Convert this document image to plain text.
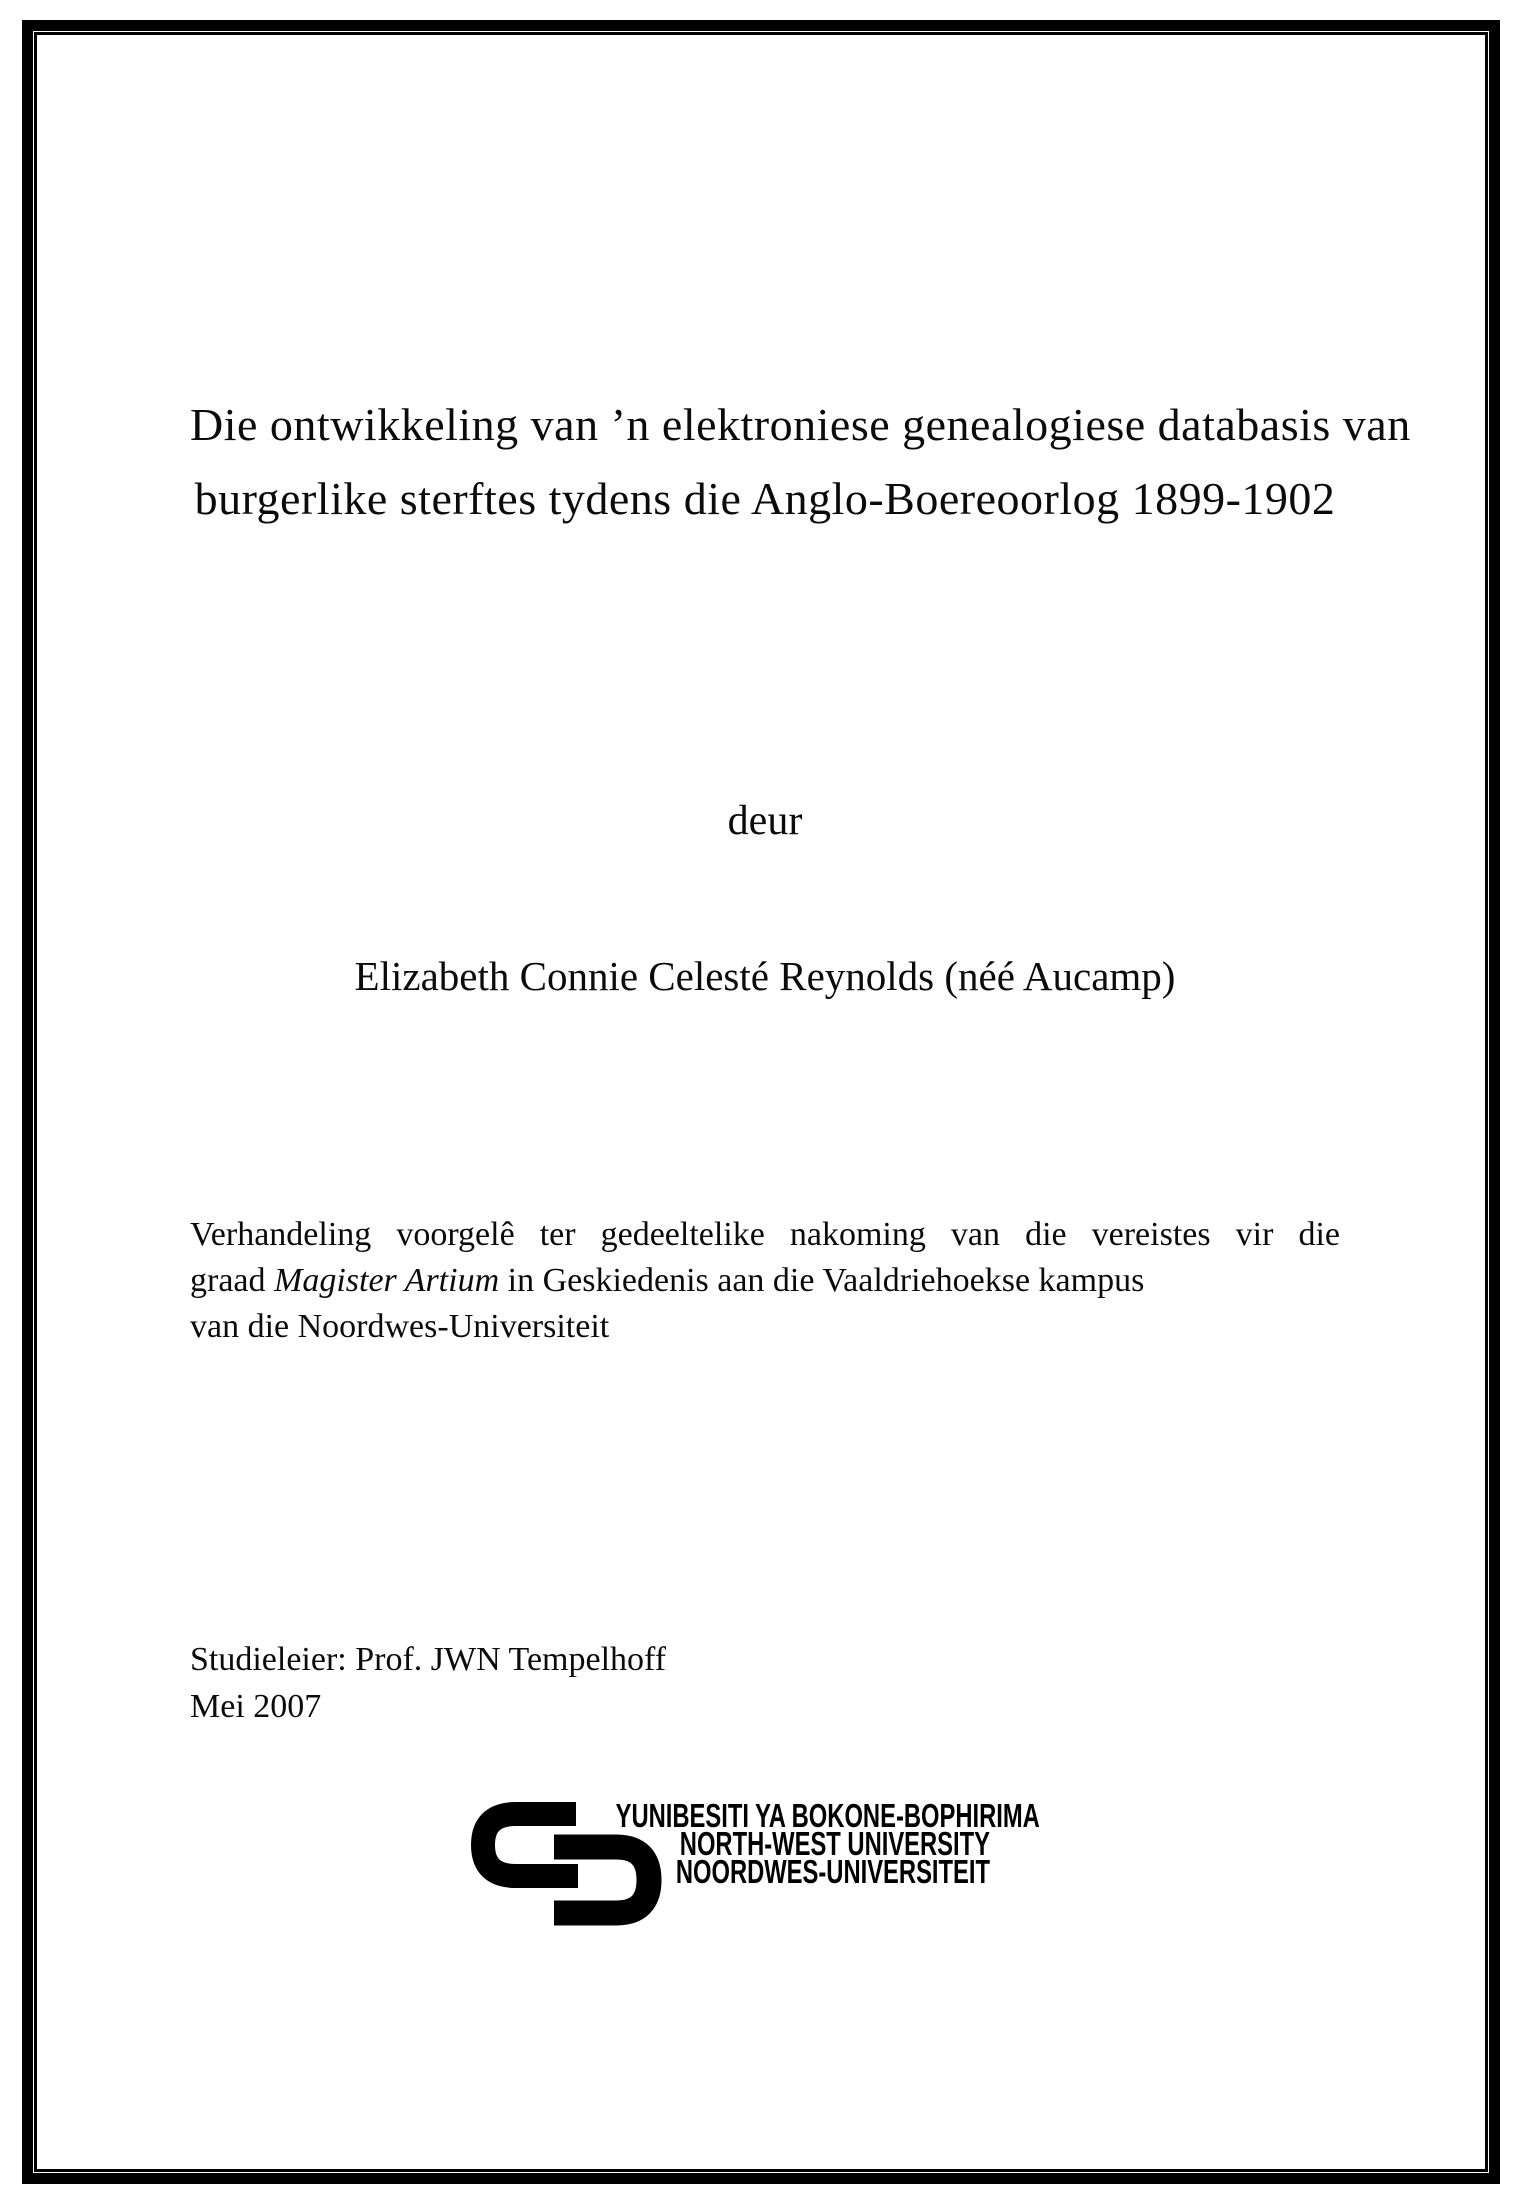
Die ontwikkeling van ’n elektroniese genealogiese databasis van
burgerlike sterftes tydens die Anglo-Boereoorlog 1899-1902
deur
Elizabeth Connie Celesté Reynolds (néé Aucamp)

Verhandeling voorgelê ter gedeeltelike nakoming van die vereistes vir die
graad Magister Artium in Geskiedenis aan die Vaaldriehoekse kampus
van die Noordwes-Universiteit

Studieleier: Prof. JWN Tempelhoff
Mei 2007
YUNIBESITI YA BOKONE-BOPHIRIMA
NORTH-WEST UNIVERSITY
NOORDWES-UNIVERSITEIT
